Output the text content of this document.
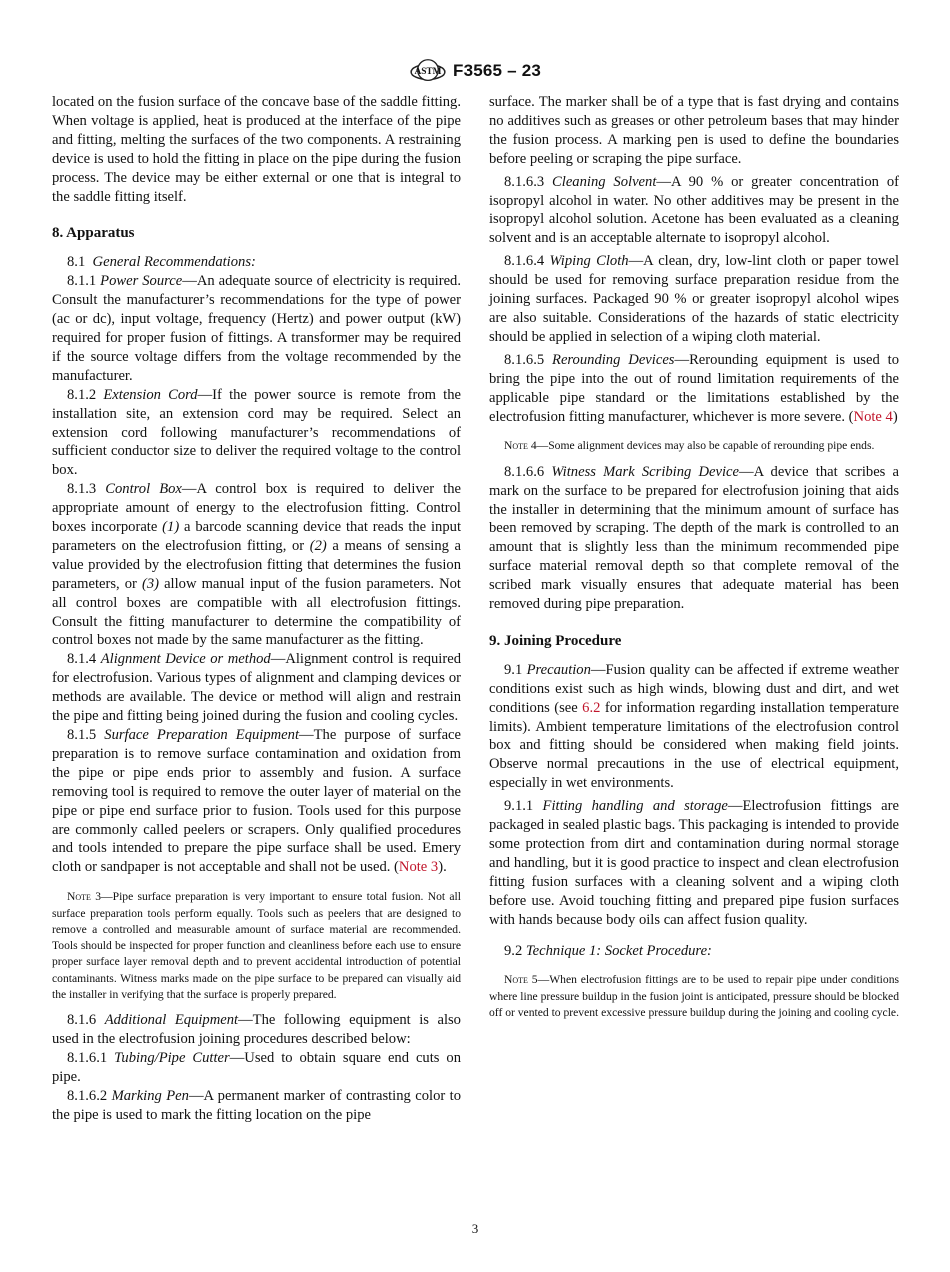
ASTM F3565 – 23

located on the fusion surface of the concave base of the saddle fitting. When voltage is applied, heat is produced at the interface of the pipe and fitting, melting the surfaces of the two components. A restraining device is used to hold the fitting in place on the pipe during the fusion process. The device may be either external or one that is integral to the saddle fitting itself.

8. Apparatus

8.1 General Recommendations:

8.1.1 Power Source—An adequate source of electricity is required. Consult the manufacturer’s recommendations for the type of power (ac or dc), input voltage, frequency (Hertz) and power output (kW) required for proper fusion of fittings. A transformer may be required if the source voltage differs from the voltage recommended by the manufacturer.

8.1.2 Extension Cord—If the power source is remote from the installation site, an extension cord may be required. Select an extension cord following manufacturer’s recommendations of sufficient conductor size to deliver the required voltage to the control box.

8.1.3 Control Box—A control box is required to deliver the appropriate amount of energy to the electrofusion fitting. Control boxes incorporate (1) a barcode scanning device that reads the input parameters on the electrofusion fitting, or (2) a means of sensing a value provided by the electrofusion fitting that determines the fusion parameters, or (3) allow manual input of the fusion parameters. Not all control boxes are compatible with all electrofusion fittings. Consult the fitting manufacturer to determine the compatibility of control boxes not made by the same manufacturer as the fitting.

8.1.4 Alignment Device or method—Alignment control is required for electrofusion. Various types of alignment and clamping devices or methods are available. The device or method will align and restrain the pipe and fitting being joined during the fusion and cooling cycles.

8.1.5 Surface Preparation Equipment—The purpose of surface preparation is to remove surface contamination and oxidation from the pipe or pipe ends prior to assembly and fusion. A surface removing tool is required to remove the outer layer of material on the pipe or pipe end surface prior to fusion. Tools used for this purpose are commonly called peelers or scrapers. Only qualified procedures and tools intended to prepare the pipe surface shall be used. Emery cloth or sandpaper is not acceptable and shall not be used. (Note 3).

Note 3—Pipe surface preparation is very important to ensure total fusion. Not all surface preparation tools perform equally. Tools such as peelers that are designed to remove a controlled and measurable amount of surface material are recommended. Tools should be inspected for proper function and cleanliness before each use to ensure proper surface layer removal depth and to prevent accidental introduction of potential contaminants. Witness marks made on the pipe surface to be prepared can visually aid the installer in verifying that the surface is properly prepared.

8.1.6 Additional Equipment—The following equipment is also used in the electrofusion joining procedures described below:

8.1.6.1 Tubing/Pipe Cutter—Used to obtain square end cuts on pipe.

8.1.6.2 Marking Pen—A permanent marker of contrasting color to the pipe is used to mark the fitting location on the pipe

surface. The marker shall be of a type that is fast drying and contains no additives such as greases or other petroleum bases that may hinder the fusion process. A marking pen is used to define the boundaries before peeling or scraping the pipe surface.

8.1.6.3 Cleaning Solvent—A 90 % or greater concentration of isopropyl alcohol in water. No other additives may be present in the isopropyl alcohol solution. Acetone has been evaluated as a cleaning solvent and is an acceptable alternate to isopropyl alcohol.

8.1.6.4 Wiping Cloth—A clean, dry, low-lint cloth or paper towel should be used for removing surface preparation residue from the joining surfaces. Packaged 90 % or greater isopropyl alcohol wipes are also suitable. Considerations of the hazards of static electricity should be applied in selection of a wiping cloth material.

8.1.6.5 Rerounding Devices—Rerounding equipment is used to bring the pipe into the out of round limitation requirements of the applicable pipe standard or the limitations established by the electrofusion fitting manufacturer, whichever is more severe. (Note 4)

Note 4—Some alignment devices may also be capable of rerounding pipe ends.

8.1.6.6 Witness Mark Scribing Device—A device that scribes a mark on the surface to be prepared for electrofusion joining that aids the installer in determining that the minimum amount of surface has been removed by scraping. The depth of the mark is controlled to an amount that is slightly less than the minimum recommended pipe surface material removal depth so that complete removal of the scribed mark visually ensures that adequate material has been removed during pipe preparation.

9. Joining Procedure

9.1 Precaution—Fusion quality can be affected if extreme weather conditions exist such as high winds, blowing dust and dirt, and wet conditions (see 6.2 for information regarding installation temperature limits). Ambient temperature limitations of the electrofusion control box and fitting should be considered when making field joints. Observe normal precautions in the use of electrical equipment, especially in wet environments.

9.1.1 Fitting handling and storage—Electrofusion fittings are packaged in sealed plastic bags. This packaging is intended to provide some protection from dirt and contamination during normal storage and handling, but it is good practice to inspect and clean electrofusion fitting fusion surfaces with a cleaning solvent and a wiping cloth before use. Avoid touching fitting and prepared pipe fusion surfaces with hands because body oils can affect fusion quality.

9.2 Technique 1: Socket Procedure:

Note 5—When electrofusion fittings are to be used to repair pipe under conditions where line pressure buildup in the fusion joint is anticipated, pressure should be blocked off or vented to prevent excessive pressure buildup during the joining and cooling cycle.

3
